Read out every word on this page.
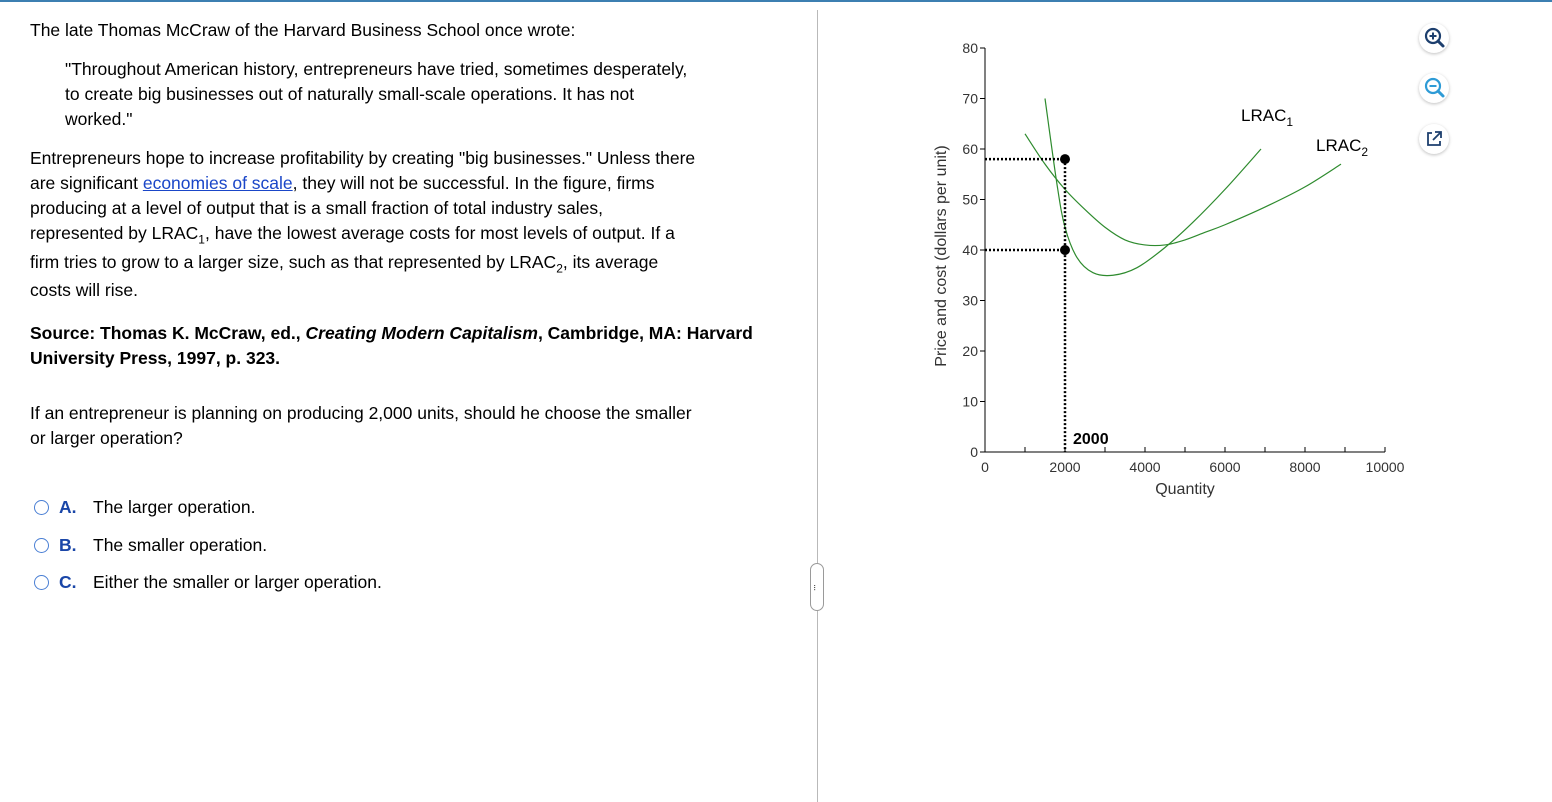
The late Thomas McCraw of the Harvard Business School once wrote:

"Throughout American history, entrepreneurs have tried, sometimes desperately,
to create big businesses out of naturally small-scale operations. It has not
worked."
Entrepreneurs hope to increase profitability by creating "big businesses." Unless there
are significant economies of scale, they will not be successful. In the figure, firms
producing at a level of output that is a small fraction of total industry sales,
represented by $LRAC_1$, have the lowest average costs for most levels of output. If a
firm tries to grow to a larger size, such as that represented by $LRAC_2$, its average
costs will rise.
Source: Thomas K. McCraw, ed., Creating Modern Capitalism, Cambridge, MA: Harvard
University Press, 1997, p. 323.
If an entrepreneur is planning on producing 2,000 units, should he choose the smaller
or larger operation?
A. The larger operation.
B. The smaller operation.
C. Either the smaller or larger operation.	...
0	2000	4000	6000	8000	10000
0
10
20
30
40
50
60
70
80
Quantity
Price and cost (dollars per unit)
$LRAC_1$
$LRAC_2$
2000
